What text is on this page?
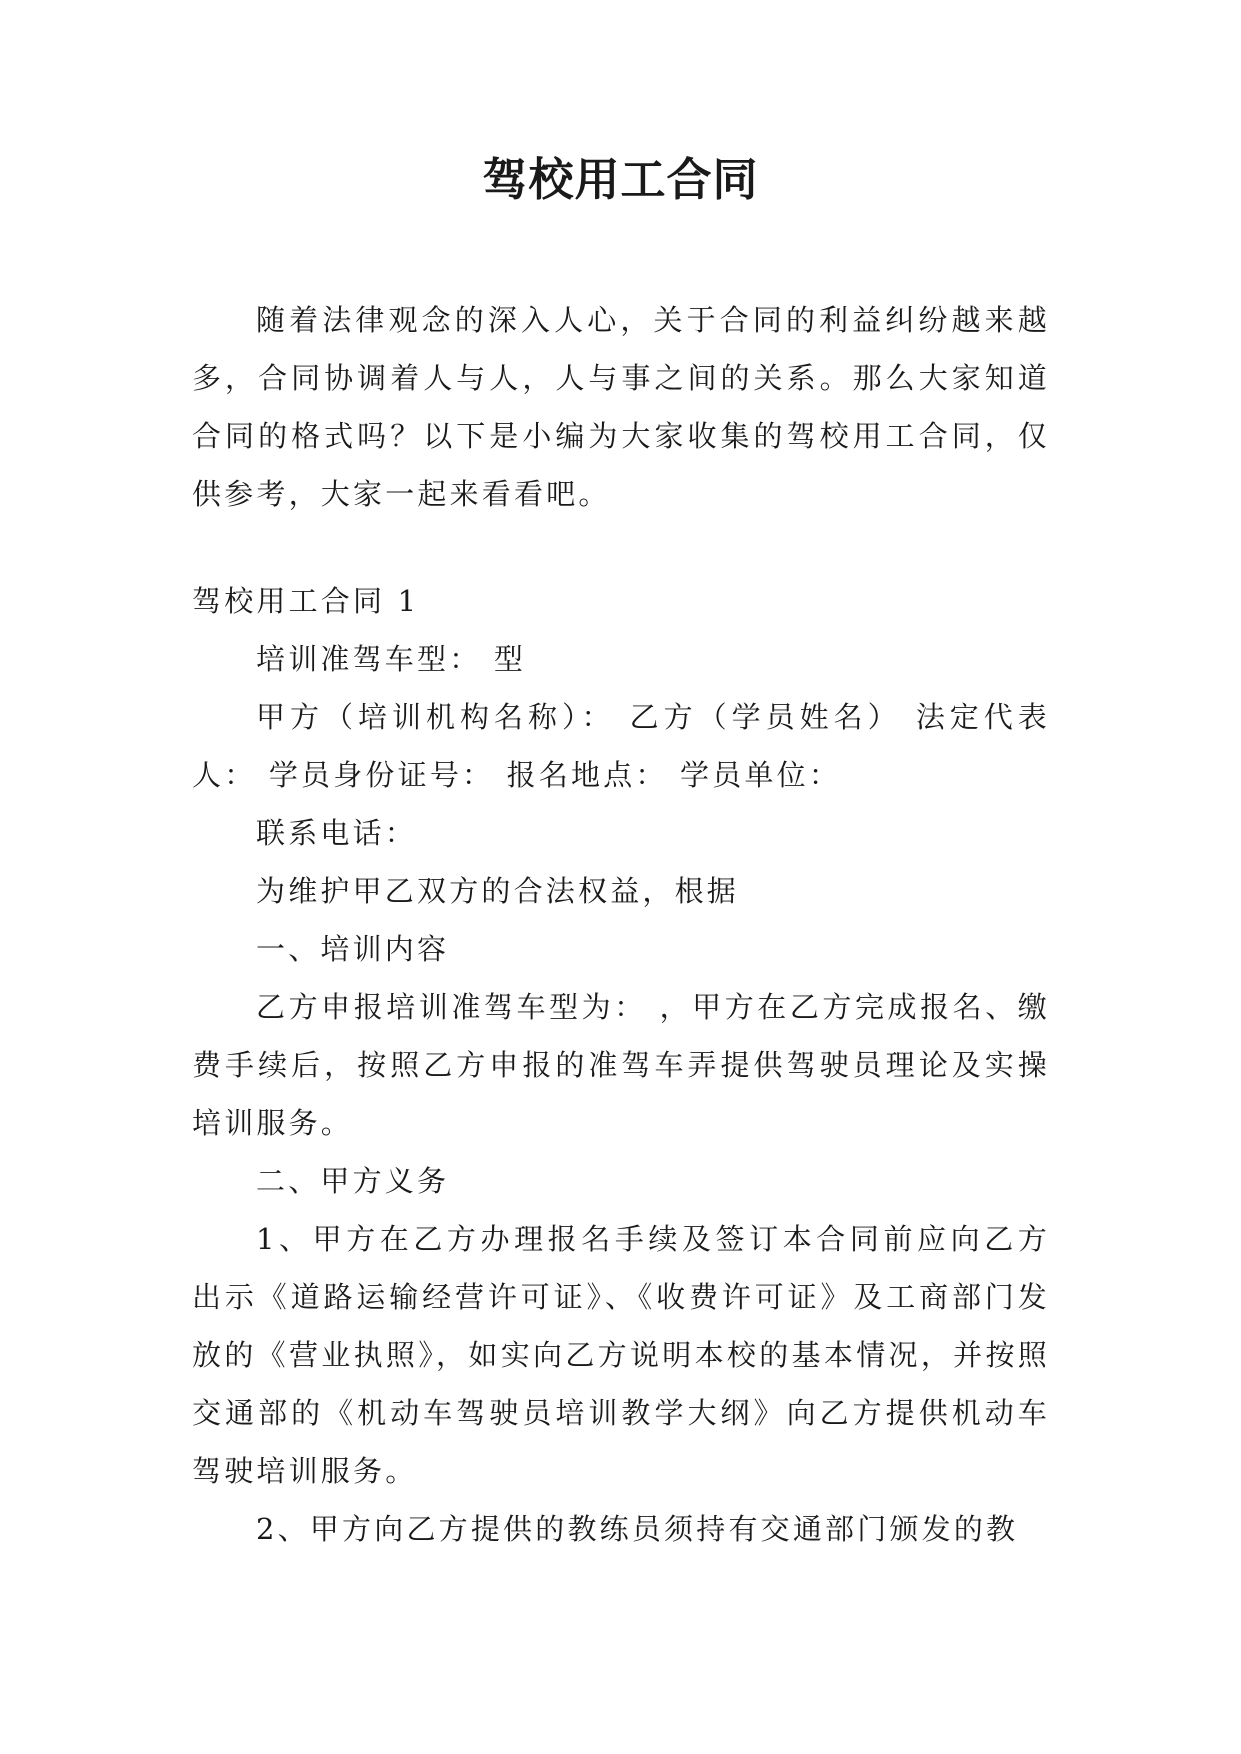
驾校用工合同

随着法律观念的深入人心，关于合同的利益纠纷越来越多，合同协调着人与人，人与事之间的关系。那么大家知道合同的格式吗？以下是小编为大家收集的驾校用工合同，仅供参考，大家一起来看看吧。

驾校用工合同 1

培训准驾车型： 型

甲方（培训机构名称）： 乙方（学员姓名） 法定代表人： 学员身份证号： 报名地点： 学员单位：

联系电话：

为维护甲乙双方的合法权益，根据

一、培训内容

乙方申报培训准驾车型为： ，甲方在乙方完成报名、缴费手续后，按照乙方申报的准驾车弄提供驾驶员理论及实操培训服务。

二、甲方义务

1、甲方在乙方办理报名手续及签订本合同前应向乙方出示《道路运输经营许可证》、《收费许可证》及工商部门发放的《营业执照》，如实向乙方说明本校的基本情况，并按照交通部的《机动车驾驶员培训教学大纲》向乙方提供机动车驾驶培训服务。

2、甲方向乙方提供的教练员须持有交通部门颁发的教
